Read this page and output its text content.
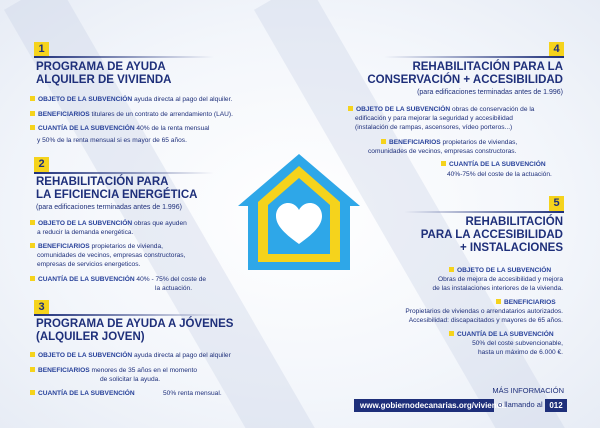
1
PROGRAMA DE AYUDA
ALQUILER DE VIVIENDA
OBJETO DE LA SUBVENCIÓN ayuda directa al pago del alquiler.
BENEFICIARIOS titulares de un contrato de arrendamiento (LAU).
CUANTÍA DE LA SUBVENCIÓN 40% de la renta mensual
y 50% de la renta mensual si es mayor de 65 años.
2
REHABILITACIÓN PARA
LA EFICIENCIA ENERGÉTICA
(para edificaciones terminadas antes de 1.996)
OBJETO DE LA SUBVENCIÓN obras que ayuden
a reducir la demanda energética.
BENEFICIARIOS propietarios de vivienda,
comunidades de vecinos, empresas constructoras,
empresas de servicios energeticos.
CUANTÍA DE LA SUBVENCIÓN 40% - 75% del coste de
la actuación.
3
PROGRAMA DE AYUDA A JÓVENES
(ALQUILER JOVEN)
OBJETO DE LA SUBVENCIÓN ayuda directa al pago del alquiler
BENEFICIARIOS menores de 35 años en el momento
de solicitar la ayuda.
CUANTÍA DE LA SUBVENCIÓN	50% renta mensual.
4
REHABILITACIÓN PARA LA
CONSERVACIÓN + ACCESIBILIDAD
(para edificaciones terminadas antes de 1.996)
OBJETO DE LA SUBVENCIÓN obras de conservación de la
edificación y para mejorar la seguridad y accesibilidad
(instalación de rampas, ascensores, vídeo porteros...)
BENEFICIARIOS propietarios de viviendas,
comunidades de vecinos, empresas constructoras.
CUANTÍA DE LA SUBVENCIÓN
40%-75% del coste de la actuación.
5
REHABILITACIÓN
PARA LA ACCESIBILIDAD
+ INSTALACIONES
OBJETO DE LA SUBVENCIÓN
Obras de mejora de accesibilidad y mejora
de las instalaciones interiores de la vivienda.
BENEFICIARIOS
Propietarios de viviendas o arrendatarios autorizados.
Accesibilidad: discapacitados y mayores de 65 años.
CUANTÍA DE LA SUBVENCIÓN
50% del coste subvencionable,
hasta un máximo de 6.000 €.
MÁS INFORMACIÓN
www.gobiernodecanarias.org/vivienda
o llamando al 012
